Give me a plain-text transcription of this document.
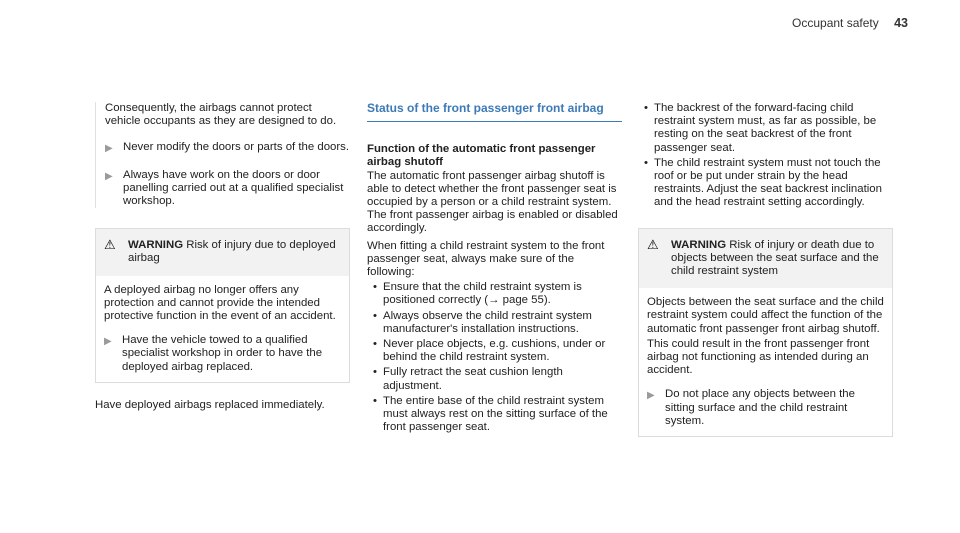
Occupant safety 43

Consequently, the airbags cannot protect vehicle occupants as they are designed to do.

▶ Never modify the doors or parts of the doors.
▶ Always have work on the doors or door panelling carried out at a qualified specialist workshop.
⚠	WARNING Risk of injury due to deployed airbag

A deployed airbag no longer offers any protection and cannot provide the intended protective function in the event of an accident.

▶ Have the vehicle towed to a qualified specialist workshop in order to have the deployed airbag replaced.

Have deployed airbags replaced immediately.

Status of the front passenger front airbag

Function of the automatic front passenger airbag shutoff

The automatic front passenger airbag shutoff is able to detect whether the front passenger seat is occupied by a person or a child restraint system. The front passenger airbag is enabled or disabled accordingly.

When fitting a child restraint system to the front passenger seat, always make sure of the following:

• Ensure that the child restraint system is positioned correctly (→ page 55).
• Always observe the child restraint system manufacturer's installation instructions.
• Never place objects, e.g. cushions, under or behind the child restraint system.
• Fully retract the seat cushion length adjustment.
• The entire base of the child restraint system must always rest on the sitting surface of the front passenger seat.
• The backrest of the forward-facing child restraint system must, as far as possible, be resting on the seat backrest of the front passenger seat.
• The child restraint system must not touch the roof or be put under strain by the head restraints. Adjust the seat backrest inclination and the head restraint setting accordingly.
⚠	WARNING Risk of injury or death due to objects between the seat surface and the child restraint system

Objects between the seat surface and the child restraint system could affect the function of the automatic front passenger front airbag shutoff.

This could result in the front passenger front airbag not functioning as intended during an accident.

▶ Do not place any objects between the sitting surface and the child restraint system.
